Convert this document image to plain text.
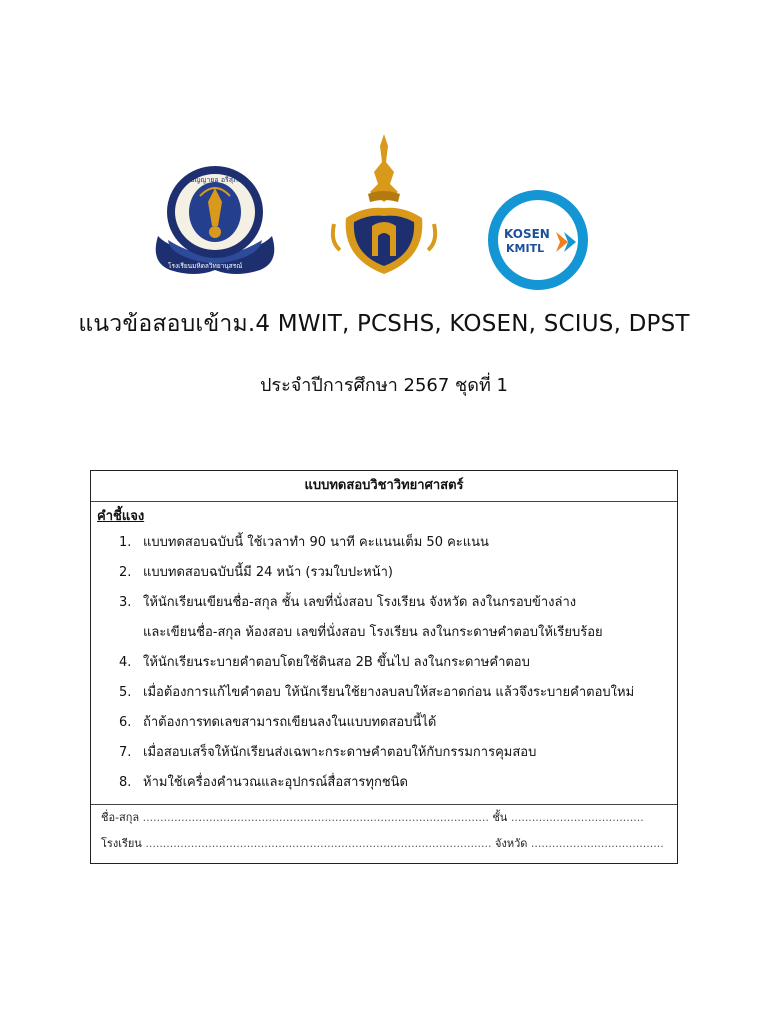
ปัญญายอ อรีสุภัทษ
โรงเรียนมหิดลวิทยานุสรณ์
KOSEN
KMITL
แนวข้อสอบเข้าม.4 MWIT, PCSHS, KOSEN, SCIUS, DPST
ประจำปีการศึกษา 2567 ชุดที่ 1
แบบทดสอบวิชาวิทยาศาสตร์
คำชี้แจง
1. แบบทดสอบฉบับนี้ ใช้เวลาทำ 90 นาที คะแนนเต็ม 50 คะแนน
2. แบบทดสอบฉบับนี้มี 24 หน้า (รวมใบปะหน้า)
3. ให้นักเรียนเขียนชื่อ-สกุล ชั้น เลขที่นั่งสอบ โรงเรียน จังหวัด ลงในกรอบข้างล่าง
และเขียนชื่อ-สกุล ห้องสอบ เลขที่นั่งสอบ โรงเรียน ลงในกระดาษคำตอบให้เรียบร้อย
4. ให้นักเรียนระบายคำตอบโดยใช้ดินสอ 2B ขึ้นไป ลงในกระดาษคำตอบ
5. เมื่อต้องการแก้ไขคำตอบ ให้นักเรียนใช้ยางลบลบให้สะอาดก่อน แล้วจึงระบายคำตอบใหม่
6. ถ้าต้องการทดเลขสามารถเขียนลงในแบบทดสอบนี้ได้
7. เมื่อสอบเสร็จให้นักเรียนส่งเฉพาะกระดาษคำตอบให้กับกรรมการคุมสอบ
8. ห้ามใช้เครื่องคำนวณและอุปกรณ์สื่อสารทุกชนิด
ชื่อ-สกุล ................................................................................................... ชั้น ......................................
โรงเรียน ................................................................................................... จังหวัด ......................................
